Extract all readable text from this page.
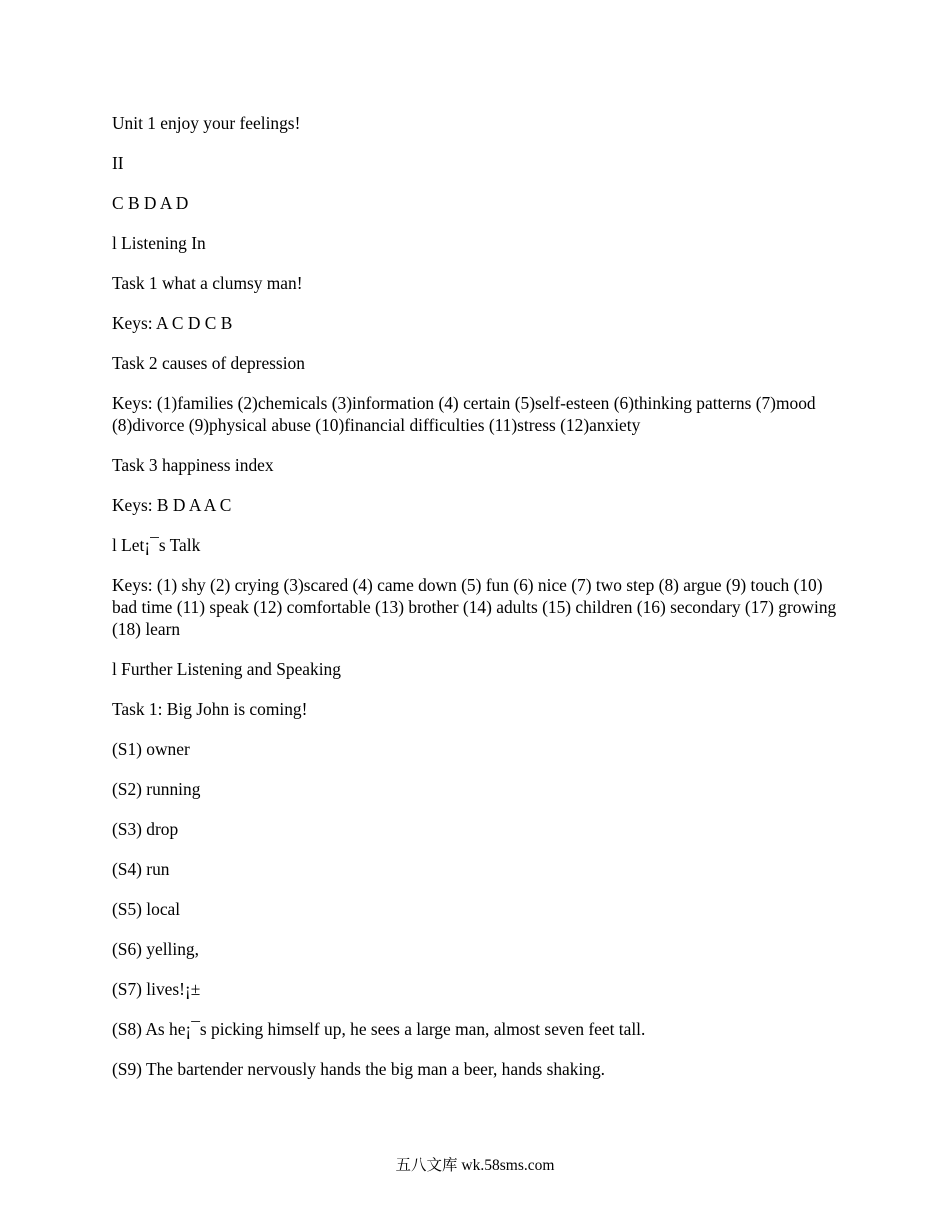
Unit 1 enjoy your feelings!

II

C B D A D

l Listening In

Task 1 what a clumsy man!

Keys: A C D C B

Task 2 causes of depression

Keys: (1)families (2)chemicals (3)information (4) certain (5)self-esteen (6)thinking patterns (7)mood (8)divorce (9)physical abuse (10)financial difficulties (11)stress (12)anxiety

Task 3 happiness index

Keys: B D A A C

l Let¡¯s Talk

Keys: (1) shy (2) crying (3)scared (4) came down (5) fun (6) nice (7) two step (8) argue (9) touch (10) bad time (11) speak (12) comfortable (13) brother (14) adults (15) children (16) secondary (17) growing (18) learn

l Further Listening and Speaking

Task 1: Big John is coming!

(S1) owner

(S2) running

(S3) drop

(S4) run

(S5) local

(S6) yelling,

(S7) lives!¡±

(S8) As he¡¯s picking himself up, he sees a large man, almost seven feet tall.

(S9) The bartender nervously hands the big man a beer, hands shaking.

五八文库 wk.58sms.com
